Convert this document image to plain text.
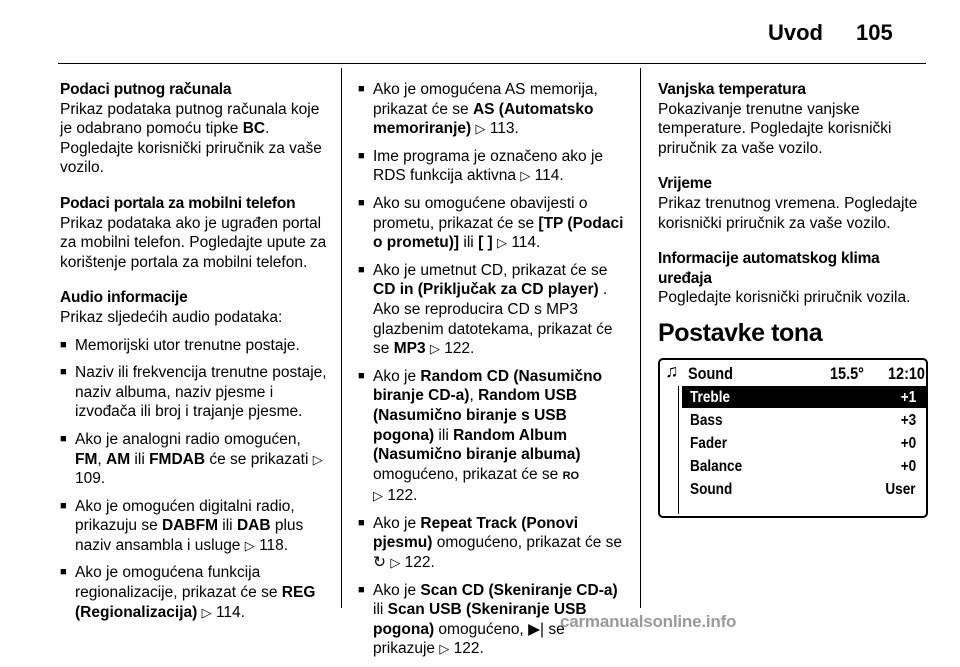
Uvod 105
Podaci putnog računala
Prikaz podataka putnog računala koje je odabrano pomoću tipke BC. Pogledajte korisnički priručnik za vaše vozilo.
Podaci portala za mobilni telefon
Prikaz podataka ako je ugrađen portal za mobilni telefon. Pogledajte upute za korištenje portala za mobilni telefon.
Audio informacije
Prikaz sljedećih audio podataka:
■ Memorijski utor trenutne postaje.
■ Naziv ili frekvencija trenutne postaje, naziv albuma, naziv pjesme i izvođača ili broj i trajanje pjesme.
■ Ako je analogni radio omogućen, FM, AM ili FMDAB će se prikazati ▷ 109.
■ Ako je omogućen digitalni radio, prikazuju se DABFM ili DAB plus naziv ansambla i usluge ▷ 118.
■ Ako je omogućena funkcija regionalizacije, prikazat će se REG (Regionalizacija) ▷ 114.
■ Ako je omogućena AS memorija, prikazat će se AS (Automatsko memoriranje) ▷ 113.
■ Ime programa je označeno ako je RDS funkcija aktivna ▷ 114.
■ Ako su omogućene obavijesti o prometu, prikazat će se [TP (Podaci o prometu)] ili [ ] ▷ 114.
■ Ako je umetnut CD, prikazat će se CD in (Priključak za CD player) . Ako se reproducira CD s MP3 glazbenim datotekama, prikazat će se MP3 ▷ 122.
■ Ako je Random CD (Nasumično biranje CD-a), Random USB (Nasumično biranje s USB pogona) ili Random Album (Nasumično biranje albuma) omogućeno, prikazat će se RO
▷ 122.
■ Ako je Repeat Track (Ponovi pjesmu) omogućeno, prikazat će se ↻ ▷ 122.
■ Ako je Scan CD (Skeniranje CD-a) ili Scan USB (Skeniranje USB pogona) omogućeno, ▶| se prikazuje ▷ 122.
Vanjska temperatura
Pokazivanje trenutne vanjske temperature. Pogledajte korisnički priručnik za vaše vozilo.
Vrijeme
Prikaz trenutnog vremena. Pogledajte korisnički priručnik za vaše vozilo.
Informacije automatskog klima uređaja
Pogledajte korisnički priručnik vozila.
Postavke tona
♫ Sound	15.5° 12:10
Treble	+1
Bass	+3
Fader	+0
Balance	+0
Sound	User
carmanualsonline.info
